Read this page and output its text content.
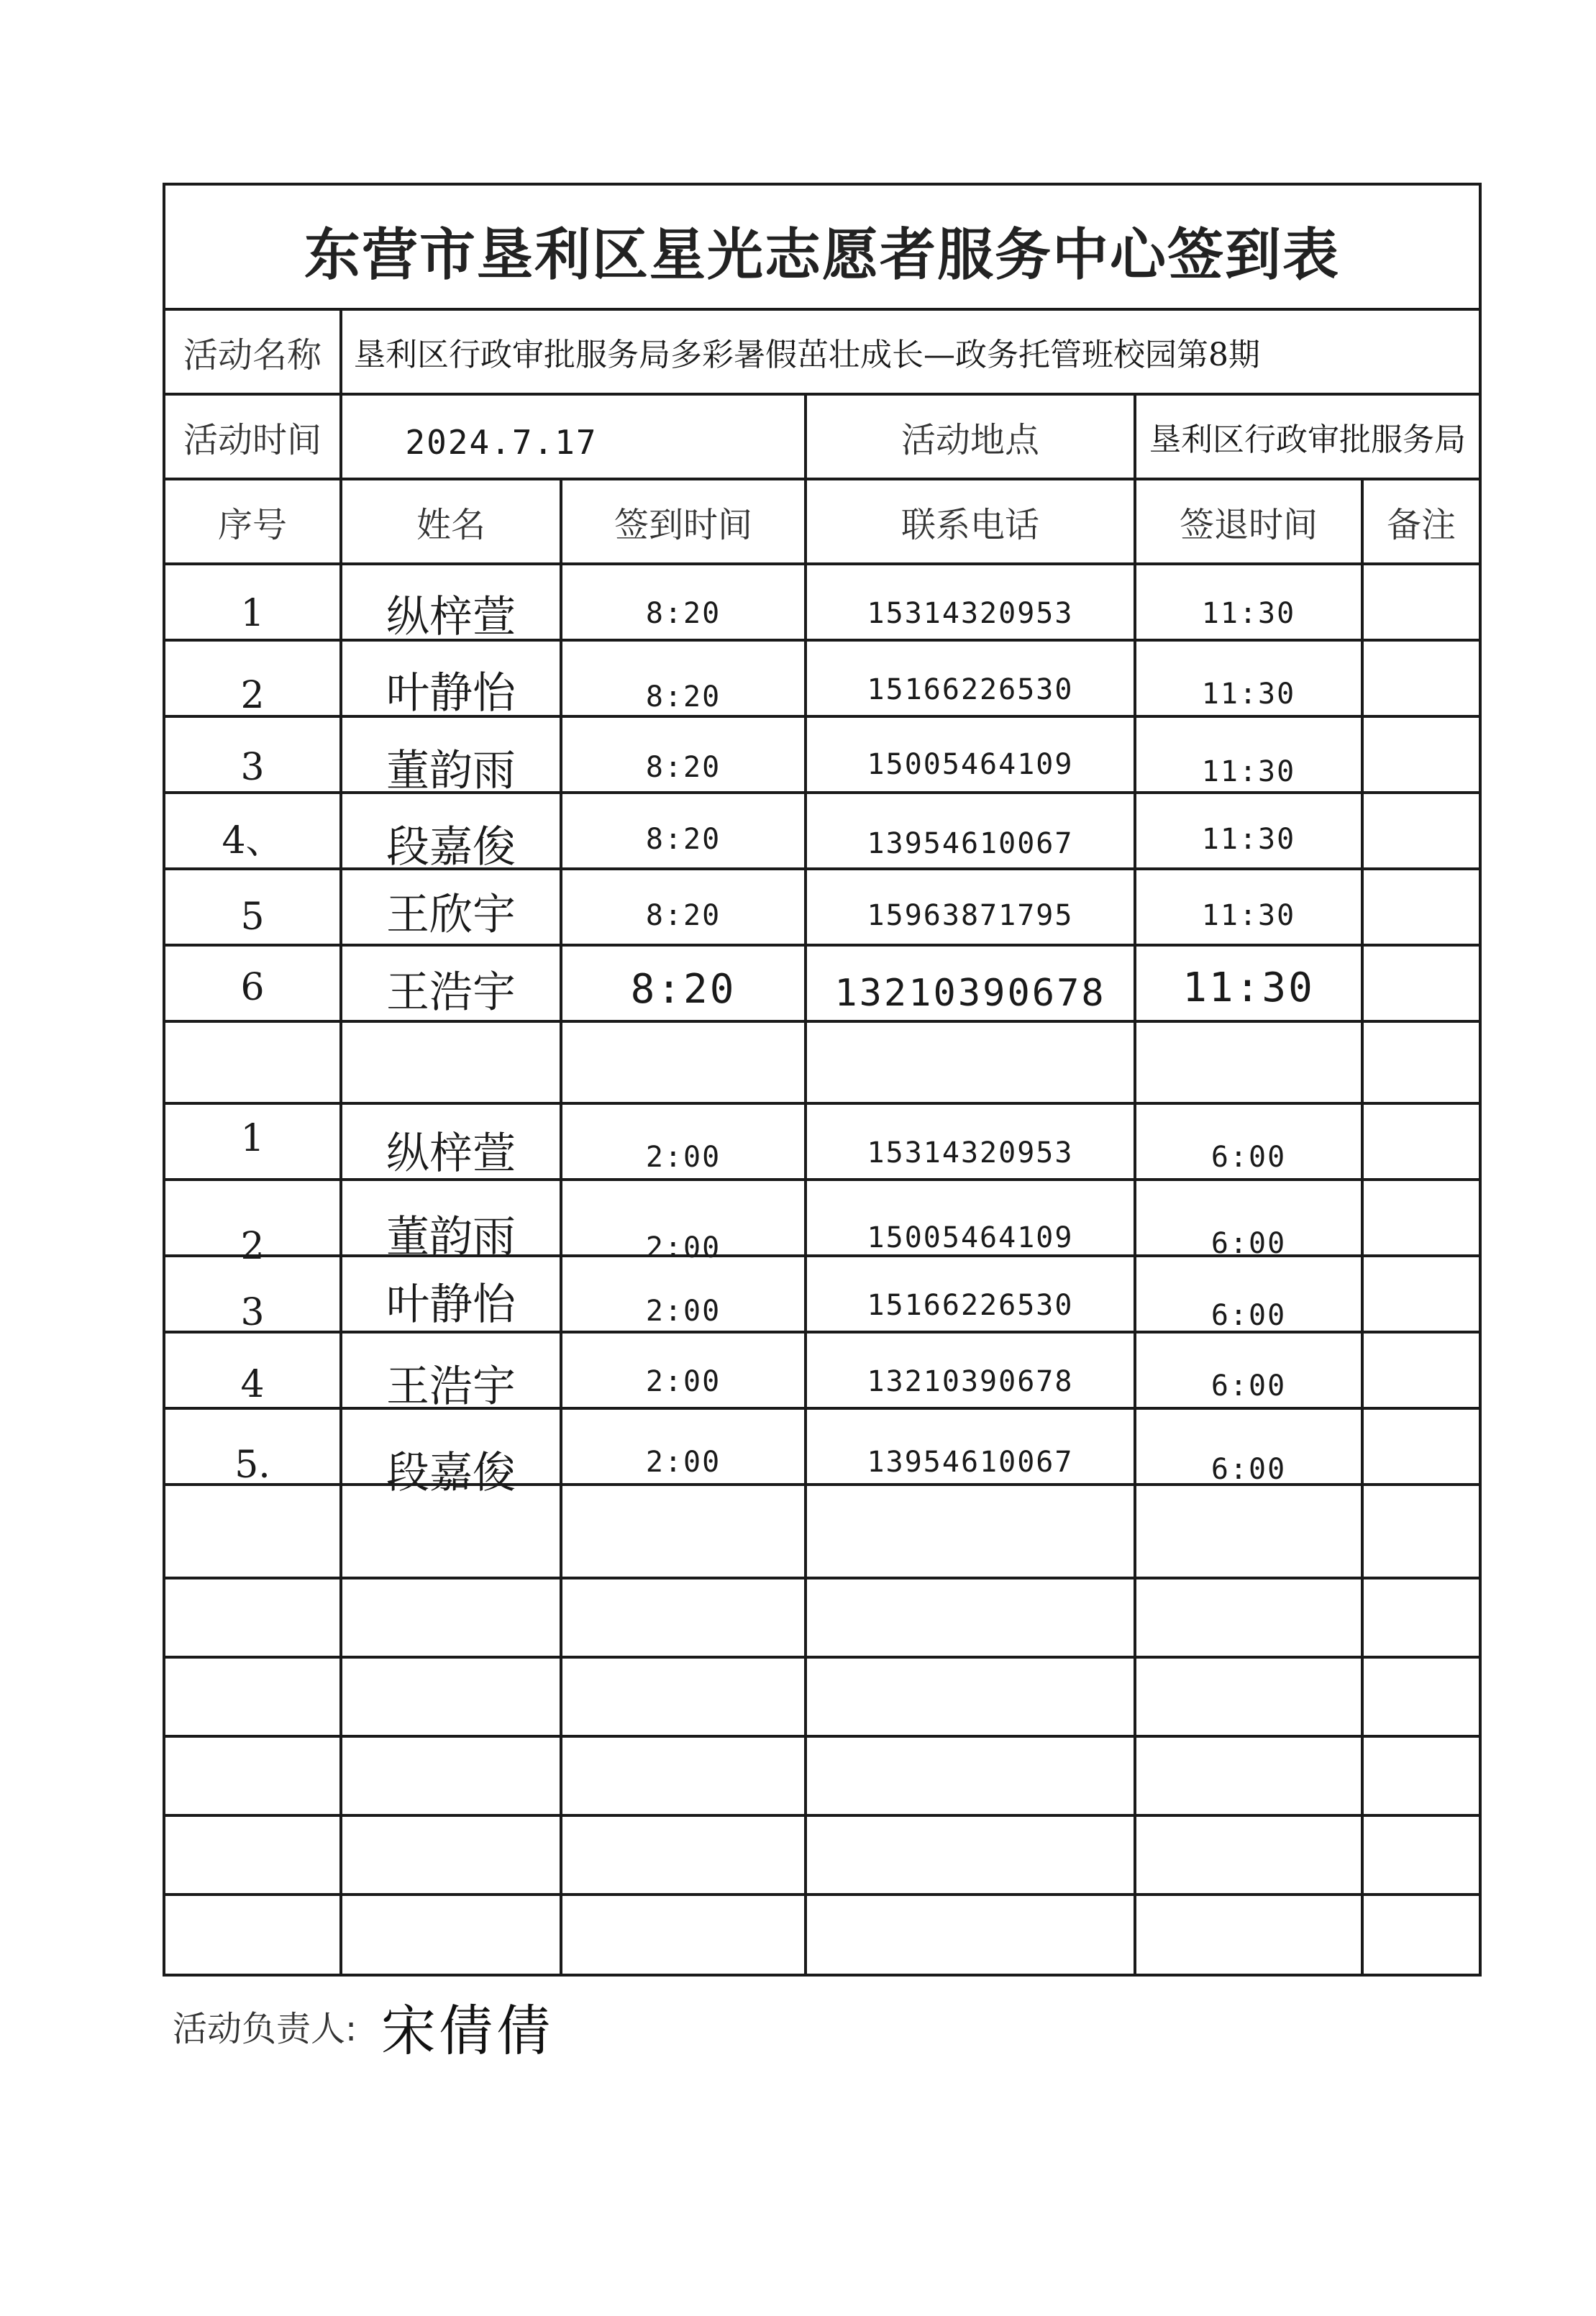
东营市垦利区星光志愿者服务中心签到表
活动名称	垦利区行政审批服务局多彩暑假茁壮成长—政务托管班校园第8期
活动时间	2024.7.17	活动地点	垦利区行政审批服务局
序号	姓名	签到时间	联系电话	签退时间	备注
1	纵梓萱	8:20	15314320953	11:30
2	叶静怡	8:20	15166226530	11:30
3	董韵雨	8:20	15005464109	11:30
4、	段嘉俊	8:20	13954610067	11:30
5	王欣宇	8:20	15963871795	11:30
6	王浩宇	8:20	13210390678	11:30
1	纵梓萱	2:00	15314320953	6:00
2	董韵雨	2:00	15005464109	6:00
3	叶静怡	2:00	15166226530	6:00
4	王浩宇	2:00	13210390678	6:00
5.	段嘉俊	2:00	13954610067	6:00
活动负责人: 宋倩倩
